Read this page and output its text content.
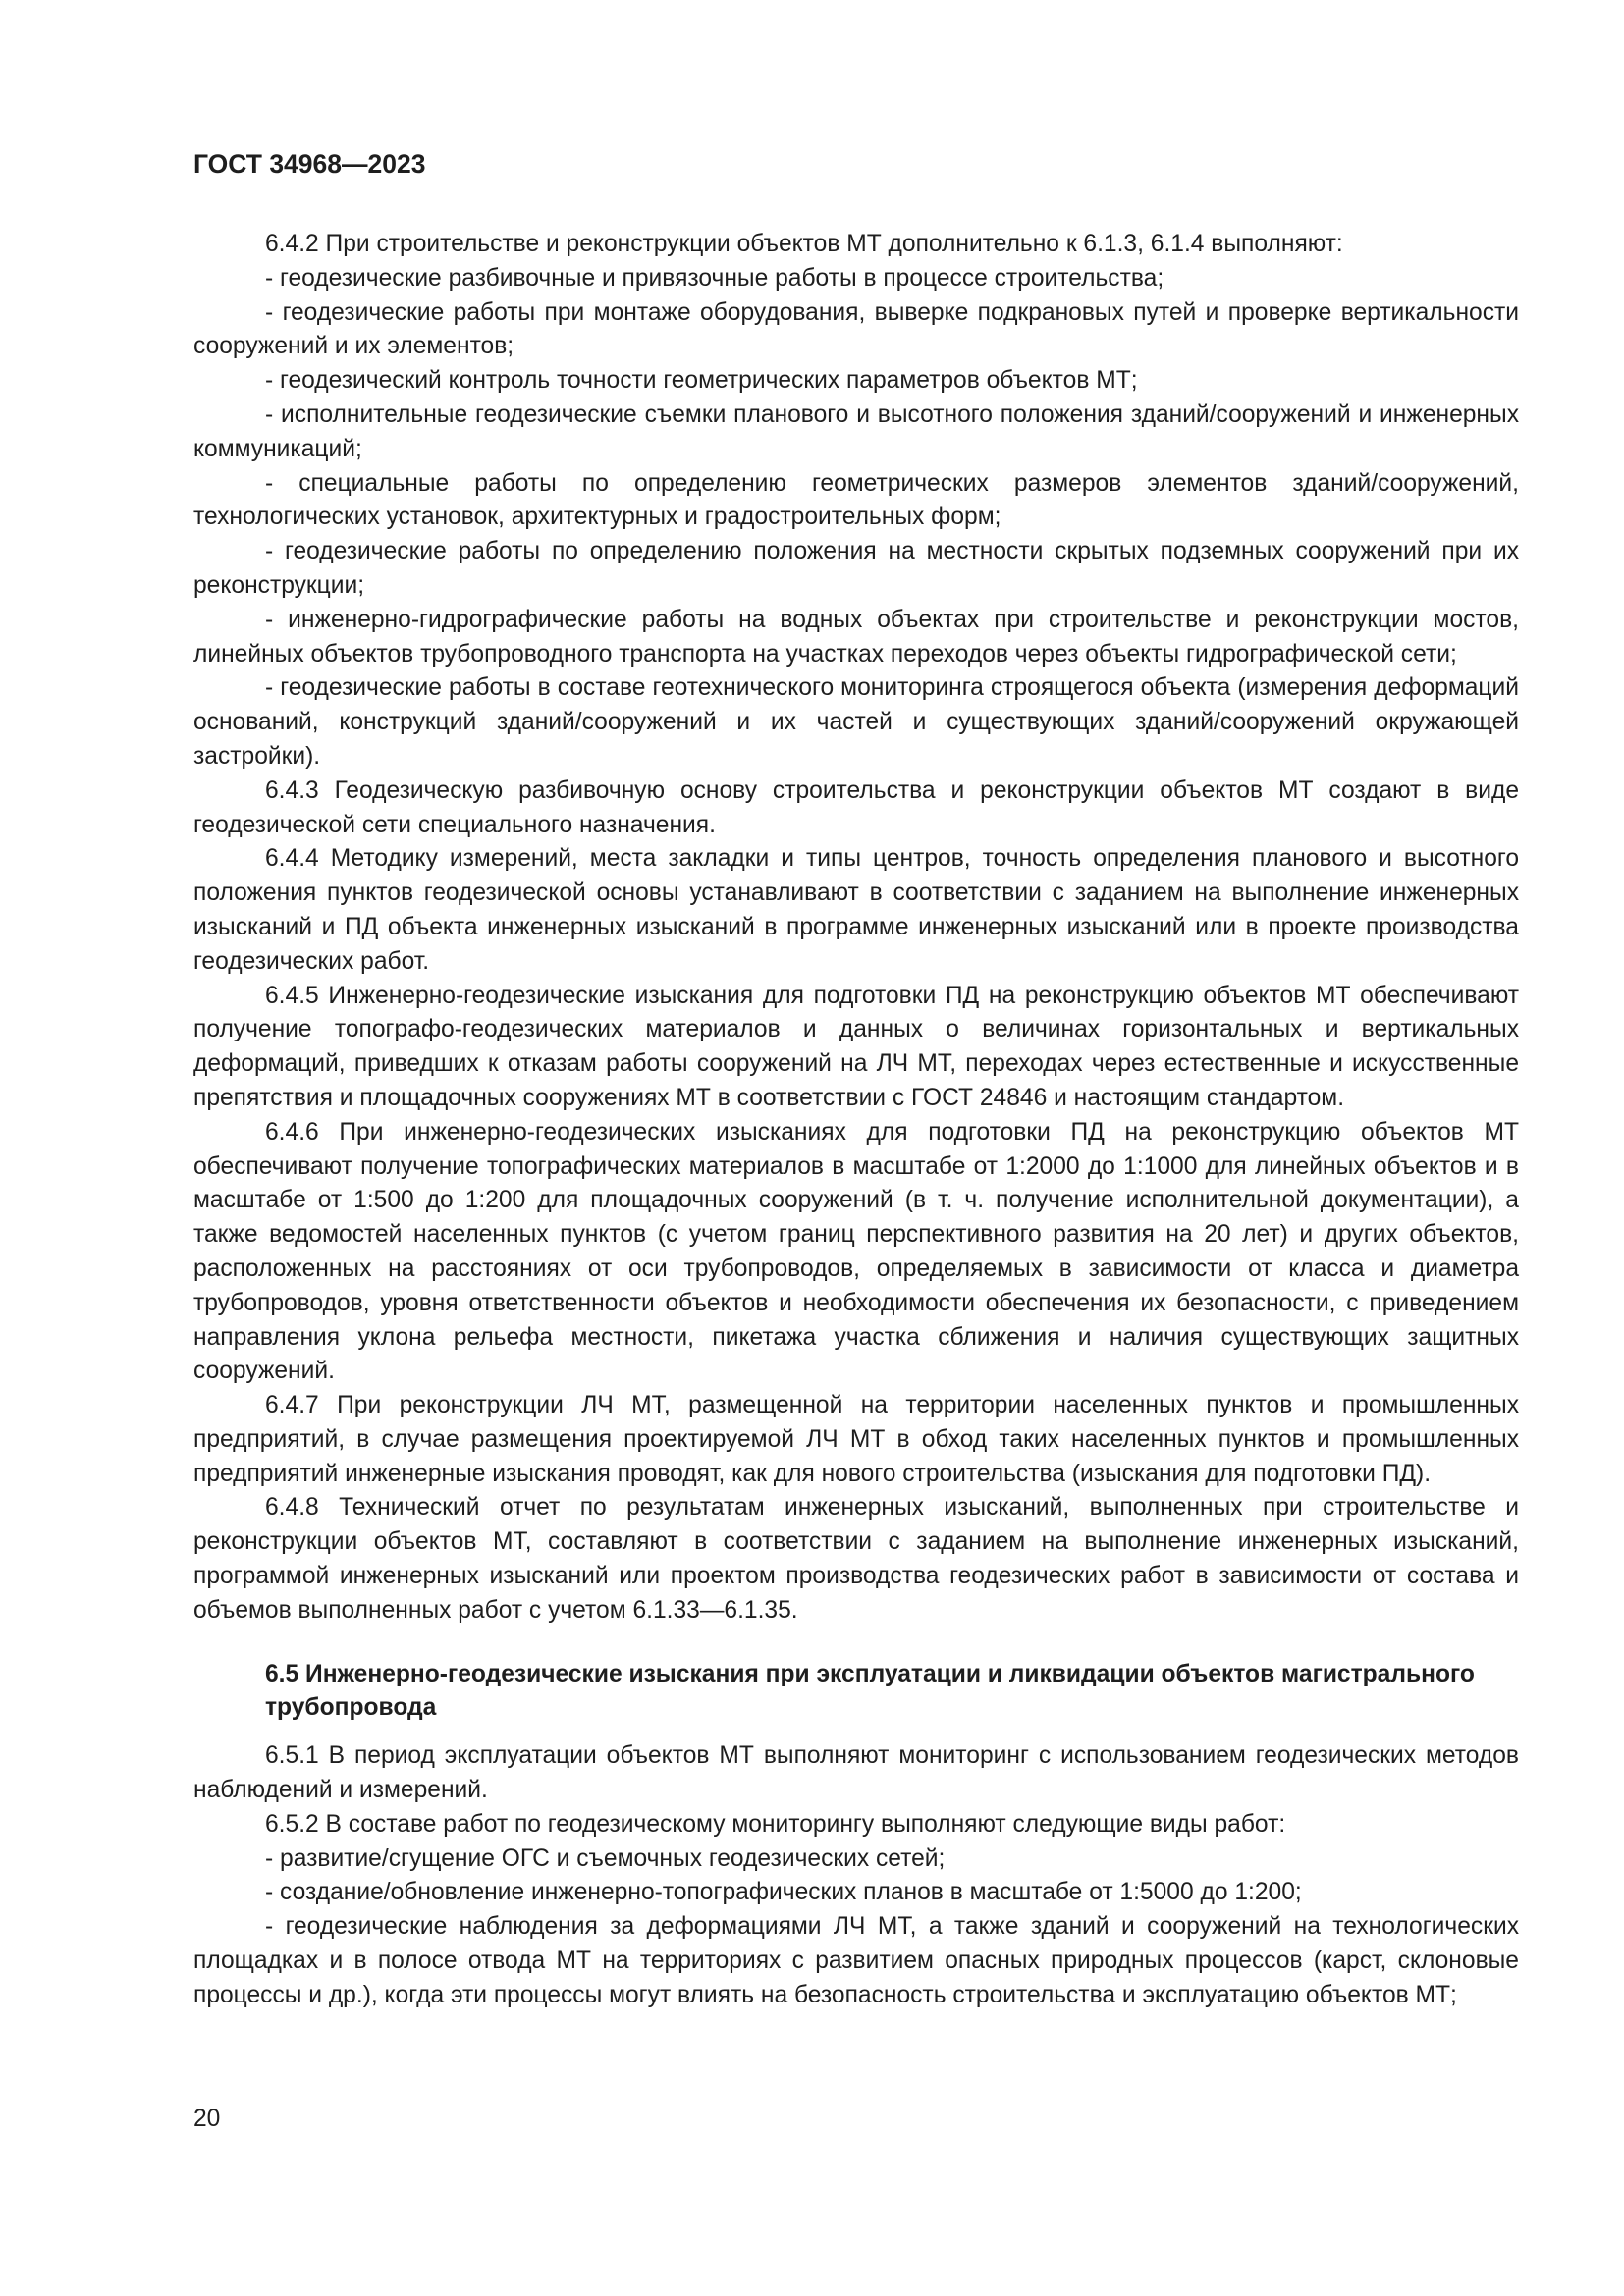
ГОСТ 34968—2023

6.4.2 При строительстве и реконструкции объектов МТ дополнительно к 6.1.3, 6.1.4 выполняют:

- геодезические разбивочные и привязочные работы в процессе строительства;

- геодезические работы при монтаже оборудования, выверке подкрановых путей и проверке вертикальности сооружений и их элементов;

- геодезический контроль точности геометрических параметров объектов МТ;

- исполнительные геодезические съемки планового и высотного положения зданий/сооружений и инженерных коммуникаций;

- специальные работы по определению геометрических размеров элементов зданий/сооружений, технологических установок, архитектурных и градостроительных форм;

- геодезические работы по определению положения на местности скрытых подземных сооружений при их реконструкции;

- инженерно-гидрографические работы на водных объектах при строительстве и реконструкции мостов, линейных объектов трубопроводного транспорта на участках переходов через объекты гидрографической сети;

- геодезические работы в составе геотехнического мониторинга строящегося объекта (измерения деформаций оснований, конструкций зданий/сооружений и их частей и существующих зданий/сооружений окружающей застройки).

6.4.3 Геодезическую разбивочную основу строительства и реконструкции объектов МТ создают в виде геодезической сети специального назначения.

6.4.4 Методику измерений, места закладки и типы центров, точность определения планового и высотного положения пунктов геодезической основы устанавливают в соответствии с заданием на выполнение инженерных изысканий и ПД объекта инженерных изысканий в программе инженерных изысканий или в проекте производства геодезических работ.

6.4.5 Инженерно-геодезические изыскания для подготовки ПД на реконструкцию объектов МТ обеспечивают получение топографо-геодезических материалов и данных о величинах горизонтальных и вертикальных деформаций, приведших к отказам работы сооружений на ЛЧ МТ, переходах через естественные и искусственные препятствия и площадочных сооружениях МТ в соответствии с ГОСТ 24846 и настоящим стандартом.

6.4.6 При инженерно-геодезических изысканиях для подготовки ПД на реконструкцию объектов МТ обеспечивают получение топографических материалов в масштабе от 1:2000 до 1:1000 для линейных объектов и в масштабе от 1:500 до 1:200 для площадочных сооружений (в т. ч. получение исполнительной документации), а также ведомостей населенных пунктов (с учетом границ перспективного развития на 20 лет) и других объектов, расположенных на расстояниях от оси трубопроводов, определяемых в зависимости от класса и диаметра трубопроводов, уровня ответственности объектов и необходимости обеспечения их безопасности, с приведением направления уклона рельефа местности, пикетажа участка сближения и наличия существующих защитных сооружений.

6.4.7 При реконструкции ЛЧ МТ, размещенной на территории населенных пунктов и промышленных предприятий, в случае размещения проектируемой ЛЧ МТ в обход таких населенных пунктов и промышленных предприятий инженерные изыскания проводят, как для нового строительства (изыскания для подготовки ПД).

6.4.8 Технический отчет по результатам инженерных изысканий, выполненных при строительстве и реконструкции объектов МТ, составляют в соответствии с заданием на выполнение инженерных изысканий, программой инженерных изысканий или проектом производства геодезических работ в зависимости от состава и объемов выполненных работ с учетом 6.1.33—6.1.35.

6.5 Инженерно-геодезические изыскания при эксплуатации и ликвидации объектов магистрального трубопровода

6.5.1 В период эксплуатации объектов МТ выполняют мониторинг с использованием геодезических методов наблюдений и измерений.

6.5.2 В составе работ по геодезическому мониторингу выполняют следующие виды работ:

- развитие/сгущение ОГС и съемочных геодезических сетей;

- создание/обновление инженерно-топографических планов в масштабе от 1:5000 до 1:200;

- геодезические наблюдения за деформациями ЛЧ МТ, а также зданий и сооружений на технологических площадках и в полосе отвода МТ на территориях с развитием опасных природных процессов (карст, склоновые процессы и др.), когда эти процессы могут влиять на безопасность строительства и эксплуатацию объектов МТ;

20
